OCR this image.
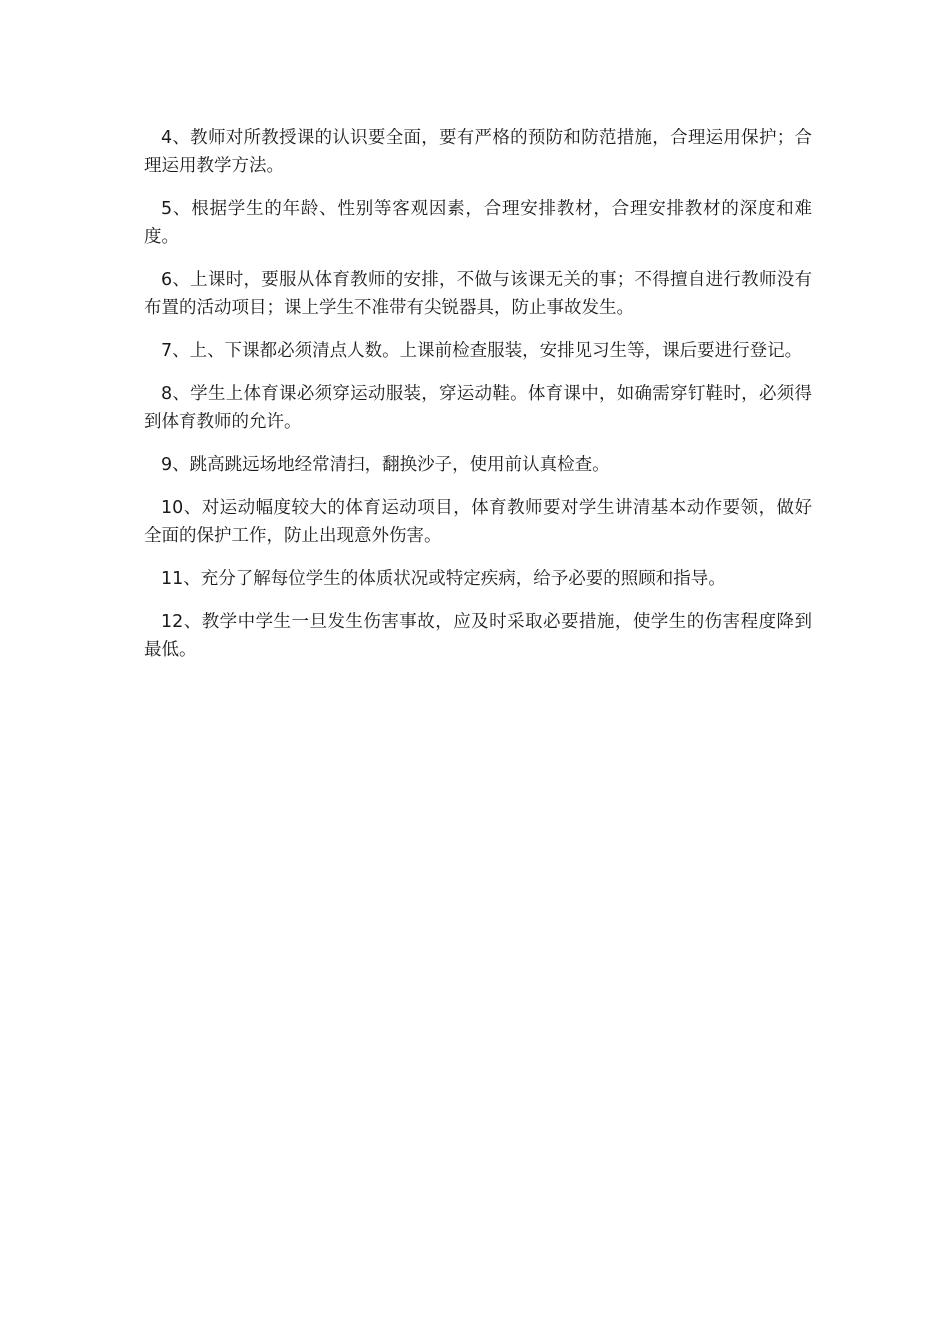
4、教师对所教授课的认识要全面，要有严格的预防和防范措施，合理运用保护；合理运用教学方法。

5、根据学生的年龄、性别等客观因素，合理安排教材，合理安排教材的深度和难度。

6、上课时，要服从体育教师的安排，不做与该课无关的事；不得擅自进行教师没有布置的活动项目；课上学生不准带有尖锐器具，防止事故发生。

7、上、下课都必须清点人数。上课前检查服装，安排见习生等，课后要进行登记。

8、学生上体育课必须穿运动服装，穿运动鞋。体育课中，如确需穿钉鞋时，必须得到体育教师的允许。

9、跳高跳远场地经常清扫，翻换沙子，使用前认真检查。

10、对运动幅度较大的体育运动项目，体育教师要对学生讲清基本动作要领，做好全面的保护工作，防止出现意外伤害。

11、充分了解每位学生的体质状况或特定疾病，给予必要的照顾和指导。

12、教学中学生一旦发生伤害事故，应及时采取必要措施，使学生的伤害程度降到最低。
